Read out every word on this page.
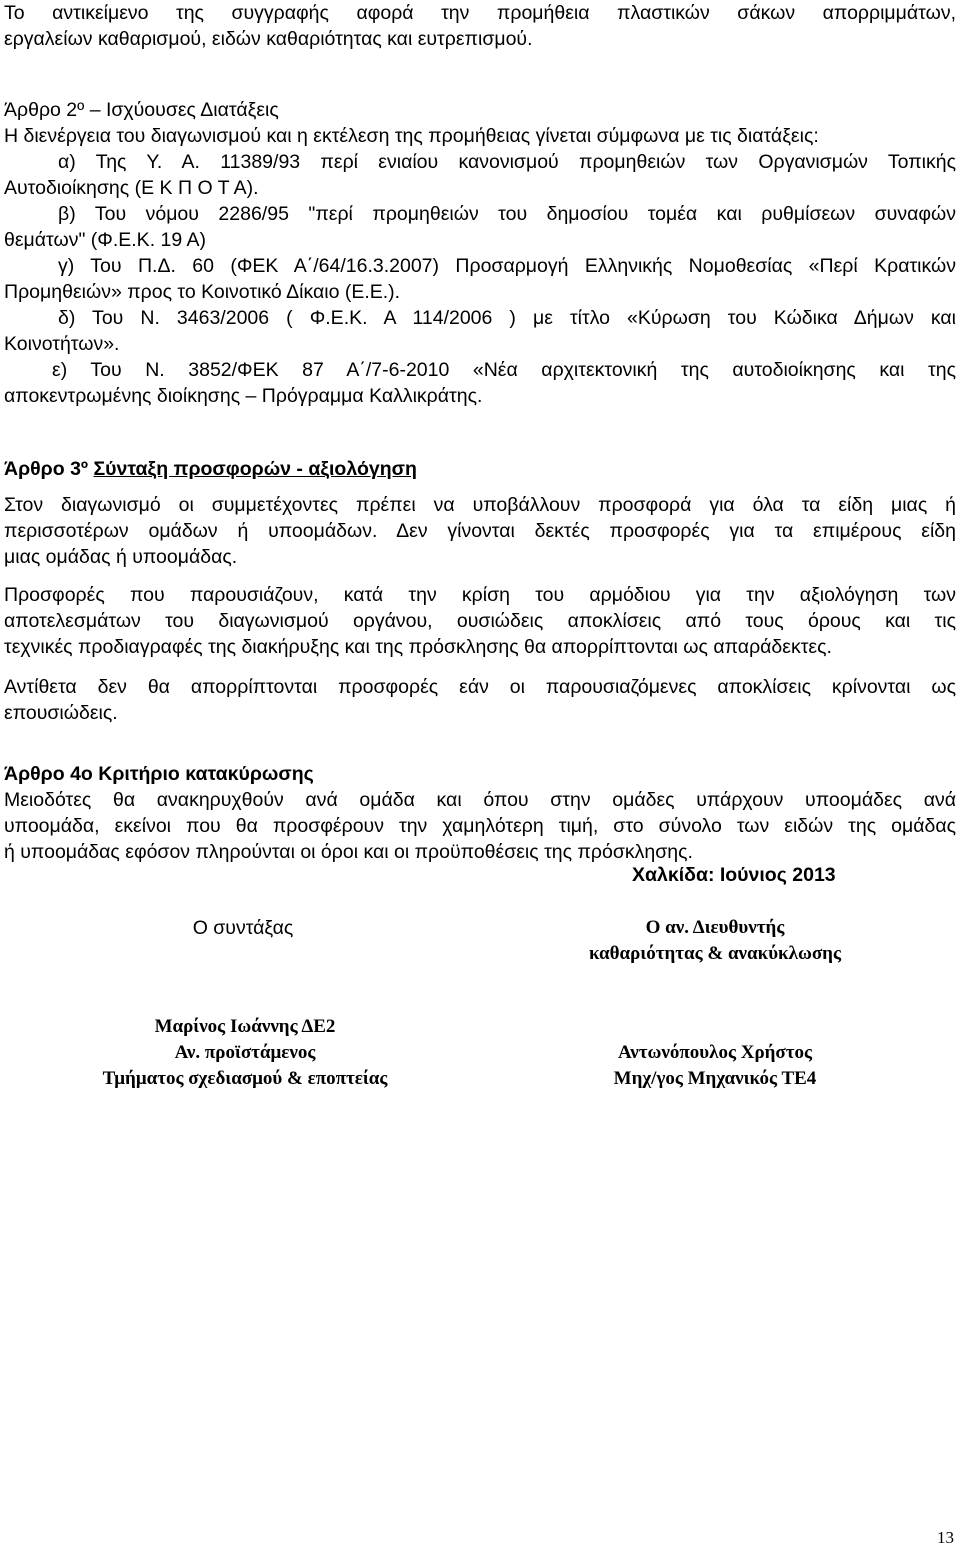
Το αντικείμενο της συγγραφής αφορά την προμήθεια πλαστικών σάκων απορριμμάτων,
εργαλείων καθαρισμού, ειδών καθαριότητας και ευτρεπισμού.
Άρθρο 2º – Ισχύουσες Διατάξεις
Η διενέργεια του διαγωνισμού και η εκτέλεση της προμήθειας γίνεται σύμφωνα με τις διατάξεις:
α) Της Υ. Α. 11389/93 περί ενιαίου κανονισμού προμηθειών των Οργανισμών Τοπικής
Αυτοδιοίκησης (Ε Κ Π Ο Τ Α).
β) Του νόμου 2286/95 "περί προμηθειών του δημοσίου τομέα και ρυθμίσεων συναφών
θεμάτων" (Φ.Ε.Κ. 19 Α)
γ) Του Π.Δ. 60 (ΦΕΚ Α΄/64/16.3.2007) Προσαρμογή Ελληνικής Νομοθεσίας «Περί Κρατικών
Προμηθειών» προς το Κοινοτικό Δίκαιο (Ε.Ε.).
δ) Του Ν. 3463/2006 ( Φ.Ε.Κ. Α 114/2006 ) με τίτλο «Κύρωση του Κώδικα Δήμων και
Κοινοτήτων».
ε) Του Ν. 3852/ΦΕΚ 87 Α΄/7-6-2010 «Νέα αρχιτεκτονική της αυτοδιοίκησης και της
αποκεντρωμένης διοίκησης – Πρόγραμμα Καλλικράτης.
Άρθρο 3º Σύνταξη προσφορών - αξιολόγηση
Στον διαγωνισμό οι συμμετέχοντες πρέπει να υποβάλλουν προσφορά για όλα τα είδη μιας ή
περισσοτέρων ομάδων ή υποομάδων. Δεν γίνονται δεκτές προσφορές για τα επιμέρους είδη
μιας ομάδας ή υποομάδας.
Προσφορές που παρουσιάζουν, κατά την κρίση του αρμόδιου για την αξιολόγηση των
αποτελεσμάτων του διαγωνισμού οργάνου, ουσιώδεις αποκλίσεις από τους όρους και τις
τεχνικές προδιαγραφές της διακήρυξης και της πρόσκλησης θα απορρίπτονται ως απαράδεκτες.
Αντίθετα δεν θα απορρίπτονται προσφορές εάν οι παρουσιαζόμενες αποκλίσεις κρίνονται ως
επουσιώδεις.
Άρθρο 4ο Κριτήριο κατακύρωσης
Μειοδότες θα ανακηρυχθούν ανά ομάδα και όπου στην ομάδες υπάρχουν υποομάδες ανά
υποομάδα, εκείνοι που θα προσφέρουν την χαμηλότερη τιμή, στο σύνολο των ειδών της ομάδας
ή υποομάδας εφόσον πληρούνται οι όροι και οι προϋποθέσεις της πρόσκλησης.
Χαλκίδα: Ιούνιος 2013
Ο συντάξας	Ο αν. Διευθυντής
καθαριότητας & ανακύκλωσης
Μαρίνος Ιωάννης ΔΕ2
Αν. προϊστάμενος
Τμήματος σχεδιασμού & εποπτείας
Αντωνόπουλος Χρήστος
Μηχ/γος Μηχανικός ΤΕ4
13
